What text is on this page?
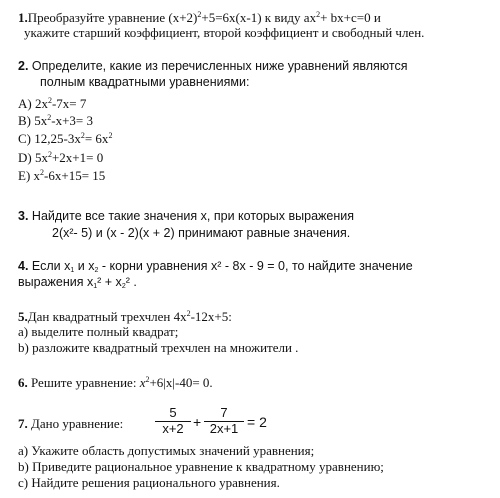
1.Преобразуйте уравнение $(x+2)^2+5=6x(x-1)$ к виду $ax^2+ bx+c=0$ и
укажите старший коэффициент, второй коэффициент и свободный член.
2. Определите, какие из перечисленных ниже уравнений являются
полным квадратными уравнениями:
A) $2x^2-7x= 7$
B) $5x^2-x+3= 3$
C) $12,25-3x^2= 6x^2$
D) $5x^2+2x+1= 0$
E) $x^2-6x+15= 15$
3. Найдите все такие значения х, при которых выражения
2(x²- 5) и (x - 2)(x + 2) принимают равные значения.
4. Если $x_1$ и $x_2$ - корни уравнения x² - 8x - 9 = 0, то найдите значение
выражения $x_1^2 + x_2^2$ .
5.Дан квадратный трехчлен $4x^2-12x+5$:
a) выделите полный квадрат;
b) разложите квадратный трехчлен на множители .
6. Решите уравнение: $x^2+6|x|-40= 0$.
7. Дано уравнение:
5
x+2 +
7
2x+1 = 2
a) Укажите область допустимых значений уравнения;
b) Приведите рациональное уравнение к квадратному уравнению;
c) Найдите решения рационального уравнения.
